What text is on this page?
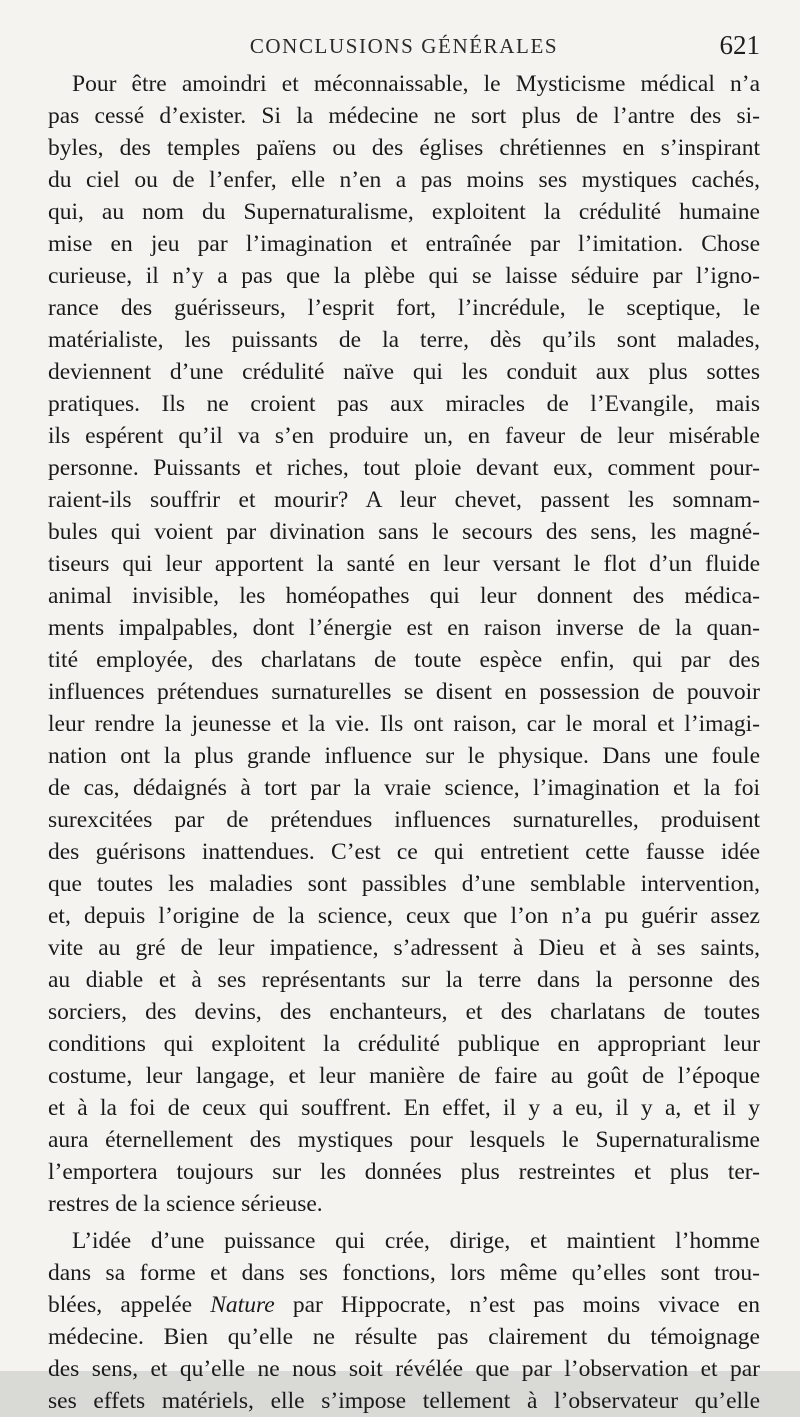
CONCLUSIONS GÉNÉRALES	621
Pour être amoindri et méconnaissable, le Mysticisme médical n’a
pas cessé d’exister. Si la médecine ne sort plus de l’antre des si-
byles, des temples païens ou des églises chrétiennes en s’inspirant
du ciel ou de l’enfer, elle n’en a pas moins ses mystiques cachés,
qui, au nom du Supernaturalisme, exploitent la crédulité humaine
mise en jeu par l’imagination et entraînée par l’imitation. Chose
curieuse, il n’y a pas que la plèbe qui se laisse séduire par l’igno-
rance des guérisseurs, l’esprit fort, l’incrédule, le sceptique, le
matérialiste, les puissants de la terre, dès qu’ils sont malades,
deviennent d’une crédulité naïve qui les conduit aux plus sottes
pratiques. Ils ne croient pas aux miracles de l’Evangile, mais
ils espérent qu’il va s’en produire un, en faveur de leur misérable
personne. Puissants et riches, tout ploie devant eux, comment pour-
raient-ils souffrir et mourir? A leur chevet, passent les somnam-
bules qui voient par divination sans le secours des sens, les magné-
tiseurs qui leur apportent la santé en leur versant le flot d’un fluide
animal invisible, les homéopathes qui leur donnent des médica-
ments impalpables, dont l’énergie est en raison inverse de la quan-
tité employée, des charlatans de toute espèce enfin, qui par des
influences prétendues surnaturelles se disent en possession de pouvoir
leur rendre la jeunesse et la vie. Ils ont raison, car le moral et l’imagi-
nation ont la plus grande influence sur le physique. Dans une foule
de cas, dédaignés à tort par la vraie science, l’imagination et la foi
surexcitées par de prétendues influences surnaturelles, produisent
des guérisons inattendues. C’est ce qui entretient cette fausse idée
que toutes les maladies sont passibles d’une semblable intervention,
et, depuis l’origine de la science, ceux que l’on n’a pu guérir assez
vite au gré de leur impatience, s’adressent à Dieu et à ses saints,
au diable et à ses représentants sur la terre dans la personne des
sorciers, des devins, des enchanteurs, et des charlatans de toutes
conditions qui exploitent la crédulité publique en appropriant leur
costume, leur langage, et leur manière de faire au goût de l’époque
et à la foi de ceux qui souffrent. En effet, il y a eu, il y a, et il y
aura éternellement des mystiques pour lesquels le Supernaturalisme
l’emportera toujours sur les données plus restreintes et plus ter-
restres de la science sérieuse.
L’idée d’une puissance qui crée, dirige, et maintient l’homme
dans sa forme et dans ses fonctions, lors même qu’elles sont trou-
blées, appelée Nature par Hippocrate, n’est pas moins vivace en
médecine. Bien qu’elle ne résulte pas clairement du témoignage
des sens, et qu’elle ne nous soit révélée que par l’observation et par
ses effets matériels, elle s’impose tellement à l’observateur qu’elle
